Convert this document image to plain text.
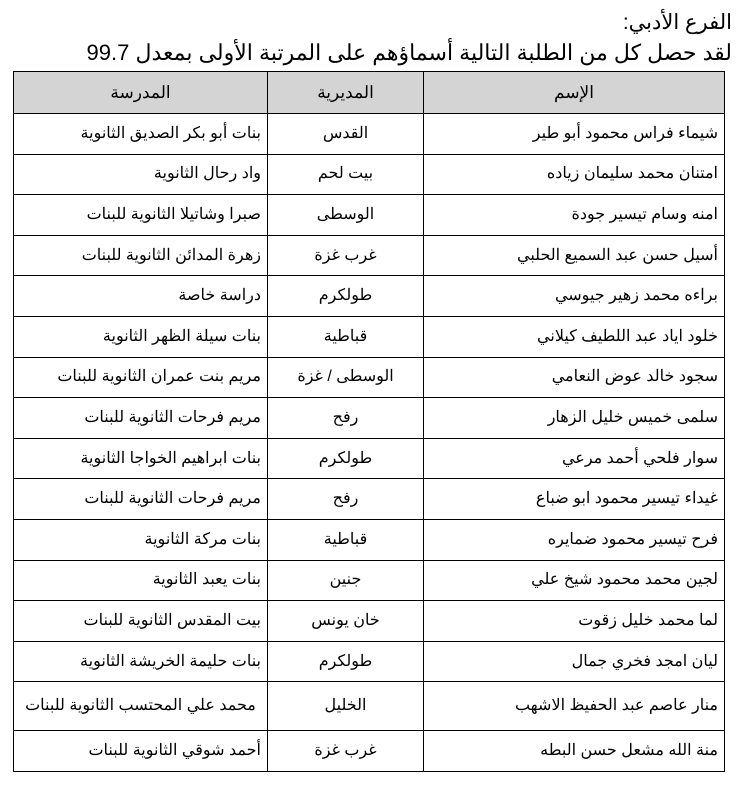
الفرع الأدبي:
لقد حصل كل من الطلبة التالية أسماؤهم على المرتبة الأولى بمعدل 99.7
الإسم	المديرية	المدرسة
شيماء فراس محمود أبو طير	القدس	بنات أبو بكر الصديق الثانوية
امتنان محمد سليمان زياده	بيت لحم	واد رحال الثانوية
امنه وسام تيسير جودة	الوسطى	صبرا وشاتيلا الثانوية للبنات
أسيل حسن عبد السميع الحلبي	غرب غزة	زهرة المدائن الثانوية للبنات
براءه محمد زهير جيوسي	طولكرم	دراسة خاصة
خلود اياد عبد اللطيف كيلاني	قباطية	بنات سيلة الظهر الثانوية
سجود خالد عوض النعامي	الوسطى / غزة	مريم بنت عمران الثانوية للبنات
سلمى خميس خليل الزهار	رفح	مريم فرحات الثانوية للبنات
سوار فلحي أحمد مرعي	طولكرم	بنات ابراهيم الخواجا الثانوية
غيداء تيسير محمود ابو ضباع	رفح	مريم فرحات الثانوية للبنات
فرح تيسير محمود ضمايره	قباطية	بنات مركة الثانوية
لجين محمد محمود شيخ علي	جنين	بنات يعبد الثانوية
لما محمد خليل زقوت	خان يونس	بيت المقدس الثانوية للبنات
ليان امجد فخري جمال	طولكرم	بنات حليمة الخريشة الثانوية
منار عاصم عبد الحفيظ الاشهب	الخليل	محمد علي المحتسب الثانوية للبنات
منة الله مشعل حسن البطه	غرب غزة	أحمد شوقي الثانوية للبنات
